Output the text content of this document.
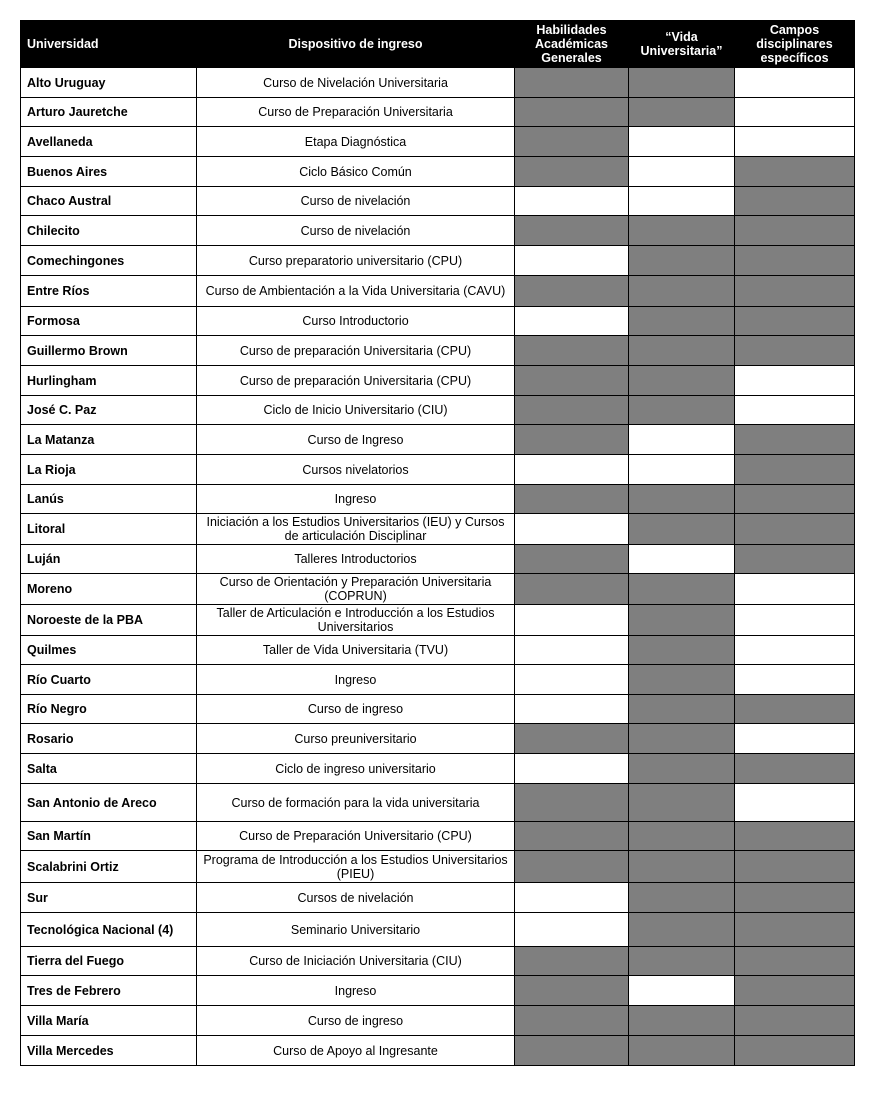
Universidad	Dispositivo de ingreso	Habilidades Académicas Generales	“Vida Universitaria”	Campos disciplinares específicos
Alto Uruguay	Curso de Nivelación Universitaria			
Arturo Jauretche	Curso de Preparación Universitaria			
Avellaneda	Etapa Diagnóstica			
Buenos Aires	Ciclo Básico Común			
Chaco Austral	Curso de nivelación			
Chilecito	Curso de nivelación			
Comechingones	Curso preparatorio universitario (CPU)			
Entre Ríos	Curso de Ambientación a la Vida Universitaria (CAVU)			
Formosa	Curso Introductorio			
Guillermo Brown	Curso de preparación Universitaria (CPU)			
Hurlingham	Curso de preparación Universitaria (CPU)			
José C. Paz	Ciclo de Inicio Universitario (CIU)			
La Matanza	Curso de Ingreso			
La Rioja	Cursos nivelatorios			
Lanús	Ingreso			
Litoral	Iniciación a los Estudios Universitarios (IEU) y Cursos de articulación Disciplinar			
Luján	Talleres Introductorios			
Moreno	Curso de Orientación y Preparación Universitaria (COPRUN)			
Noroeste de la PBA	Taller de Articulación e Introducción a los Estudios Universitarios			
Quilmes	Taller de Vida Universitaria (TVU)			
Río Cuarto	Ingreso			
Río Negro	Curso de ingreso			
Rosario	Curso preuniversitario			
Salta	Ciclo de ingreso universitario			
San Antonio de Areco	Curso de formación para la vida universitaria			
San Martín	Curso de Preparación Universitario (CPU)			
Scalabrini Ortiz	Programa de Introducción a los Estudios Universitarios (PIEU)			
Sur	Cursos de nivelación			
Tecnológica Nacional (4)	Seminario Universitario			
Tierra del Fuego	Curso de Iniciación Universitaria (CIU)			
Tres de Febrero	Ingreso			
Villa María	Curso de ingreso			
Villa Mercedes	Curso de Apoyo al Ingresante			
